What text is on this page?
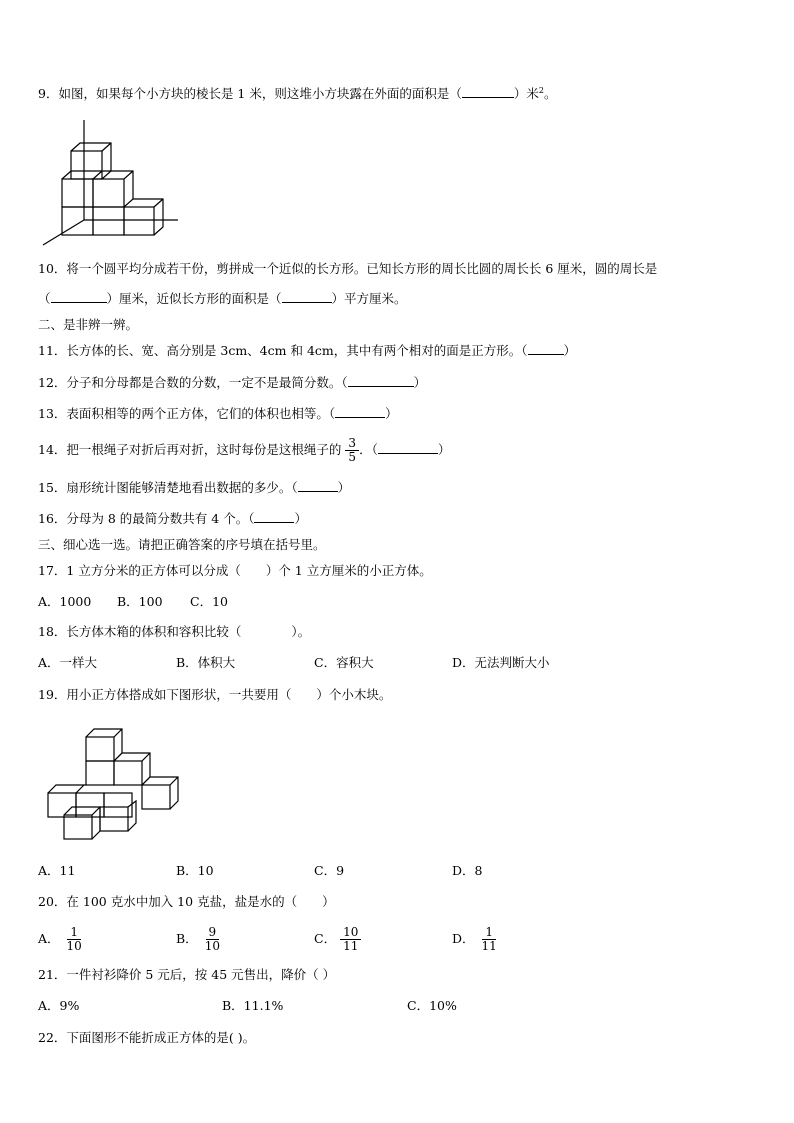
9．如图，如果每个小方块的棱长是 1 米，则这堆小方块露在外面的面积是（	）米$^2$。
10．将一个圆平均分成若干份，剪拼成一个近似的长方形。已知长方形的周长比圆的周长长 6 厘米，圆的周长是
（	）厘米，近似长方形的面积是（	）平方厘米。
二、是非辨一辨。
11．长方体的长、宽、高分别是 3cm、4cm 和 4cm，其中有两个相对的面是正方形。（	）
12．分子和分母都是合数的分数，一定不是最简分数。（	）
13．表面积相等的两个正方体，它们的体积也相等。（	）
14．把一根绳子对折后再对折，这时每份是这根绳子的 $\frac{3}{5}$ ．（	）
15．扇形统计图能够清楚地看出数据的多少。（	）
16．分母为 8 的最简分数共有 4 个。（	）
三、细心选一选。请把正确答案的序号填在括号里。
17．1 立方分米的正方体可以分成（　　）个 1 立方厘米的小正方体。
A．1000 B．100 C．10
18．长方体木箱的体积和容积比较（　　　　）。
A．一样大	B．体积大	C．容积大	D．无法判断大小
19．用小正方体搭成如下图形状，一共要用（　　）个小木块。
A．11	B．10	C．9	D．8
20．在 100 克水中加入 10 克盐，盐是水的（　　）
A． $\frac{1}{10}$	B． $\frac{9}{10}$	C． $\frac{10}{11}$	D． $\frac{1}{11}$
21．一件衬衫降价 5 元后，按 45 元售出，降价（ ）
A．9%	B．11.1%	C．10%
22．下面图形不能折成正方体的是( )。
